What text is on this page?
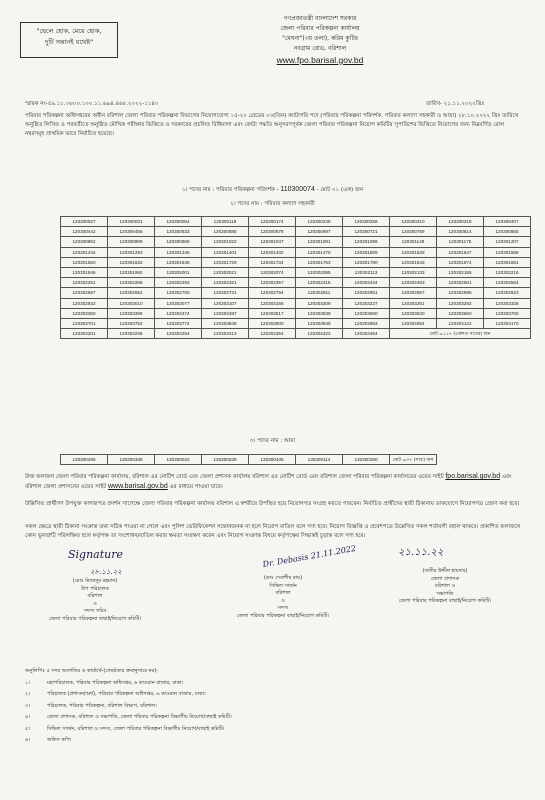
"ছেলে হোক, মেয়ে হোক,
দুটি সন্তানই যথেষ্ট"
গণপ্রজাতন্ত্রী বাংলাদেশ সরকার
জেলা পরিবার পরিকল্পনা কার্যালয়
"মেঘনা"(৩য় তলা), করিম কুটির
নবগ্রাম রোড, বরিশাল
www.fpo.barisal.gov.bd
স্মারক নং-৫৯.১১.০৬০০.১০০.১১.৬৯৪.৪৬৮.২০২২-১১৪০	তারিখ- ২১.১১.২০২২খ্রিঃ
পরিবার পরিকল্পনা অধিদপ্তরের অধীন বরিশাল জেলা পরিবার পরিকল্পনা বিভাগের নিয়োগযোগ্য ১৫-২০ গ্রেডের ০৩(তিন) ক্যাটাগরি পদে (পরিবার পরিকল্পনা পরিদর্শক, পরিবার কল্যাণ সহকারী ও আয়া) ২৮.১০.২০২২ খ্রিঃ তারিখে অনুষ্ঠিত লিখিত ও পরবর্তীতে অনুষ্ঠিত মৌখিক পরীক্ষার ভিত্তিতে ও সরকারের প্রচলিত বিধিমালা এবং কোটা পদ্ধতি অনুসরণপূর্বক জেলা পরিবার পরিকল্পনা নিয়োগ কমিটির সুপারিশের ভিত্তিতে নিয়োগের জন্য নিম্নবর্ণিত রোল নম্বরসমূহ প্রাথমিক ভাবে নির্বাচিত হয়েছে।
১। পদের নাম : পরিবার পরিকল্পনা পরিদর্শক - 110300074 - মোট ০১ (এক) জন
২। পদের নাম : পরিবার কল্যাণ সহকারী
120300027	120300031	120300054	120300118	120300174	120300238	120300259	120300310	120300318	120300407
120300442	120300456	120300533	120300585	120300678	120300697	120300721	120300759	120300814	120300855
120300862	120300909	120300969	120301022	120301047	120301091	120301099	120301148	120301176	120301207
120301244	120301293	120301346	120301401	120301432	120301470	120301509	120301528	120301547	120301569
120301550	120301632	120301646	120301729	120301734	120301763	120301780	120301843	120301874	120301891
120301946	120301992	120302001	120302021	120302074	120302085	120302113	120302133	120302155	120302216
120302251	120302268	120302293	120302321	120302357	120302416	120302444	120302453	120302501	120302564
120302587	120302652	120302700	120302731	120302794	120302811	120302851	120302867	120302895	120302923
120302932	120303010	120303077	120303107	120303166	120303209	120303227	120303261	120303282	120303328
120303360	120303396	120303474	120303487	120303517	120303539	120303560	120303630	120303660	120303700
120303701	120303752	120303774	120303848	120303900	120303949	120303983	120304084	120304122	120304170
120304201	120304236	120304254	120304313	120304354	120304422	120304464	মোট =১১৭ (একশত সতের) জন		
৩। পদের নাম : আয়া
130300298	130300338	130300032	130300039	130300435	130300114	130300280	মোট =০৭ (সাত) জন
উক্ত ফলাফল জেলা পরিবার পরিকল্পনা কার্যালয়, বরিশাল এর নোটিশ বোর্ড এবং জেলা প্রশাসক কার্যালয় বরিশাল এর নোটিশ বোর্ড এবং বরিশাল জেলা পরিবার পরিকল্পনা কার্যালয়ের ওয়েব সাইট fpo.barisal.gov.bd এবং বরিশাল জেলা প্রশাসনের ওয়েব সাইট www.barisal.gov.bd এর মাধ্যমে পাওয়া যাবে।
উল্লিখিত প্রার্থীগণ উপযুক্ত কাগজপত্র প্রদর্শন সাপেক্ষে জেলা পরিবার পরিকল্পনা কার্যালয় বরিশাল এ স্বশরীরে উপস্থিত হয়ে নিয়োগপত্র সংগ্রহ করতে পারবেন। নির্বাচিত প্রার্থীদের স্থায়ী ঠিকানায় ডাকযোগে নিয়োগপত্র প্রেরণ করা হবে।
সকল ক্ষেত্রে স্থায়ী ঠিকানা সংক্রান্ত তথ্য সঠিক পাওয়া না গেলে এবং পুলিশ ভেরিফিকেশন সন্তোষজনক না হলে নিয়োগ বাতিল বলে গণ্য হবে। নিয়োগ বিজ্ঞপ্তি ও প্রবেশপত্রে উল্লেখিত সকল শর্তাবলী বহাল থাকবে। প্রকাশিত ফলাফলে কোন ভুলত্রুটি পরিলক্ষিত হলে কর্তৃপক্ষ তা সংশোধন/বাতিল করার ক্ষমতা সংরক্ষণ করেন এবং নিয়োগ সংক্রান্ত বিষয়ে কর্তৃপক্ষের সিদ্ধান্তই চূড়ান্ত বলে গণ্য হবে।
Signature
২৮.১১.২২
(মোঃ মিজানুর রহমান)
উপ পরিচালক
বরিশাল
ও
সদস্য সচিব
জেলা পরিবার পরিকল্পনা বাছাই/নিয়োগ কমিটি।
Dr. Debasis 21.11.2022
(ডাঃ দেবাশীষ রায়)
সিভিল সার্জন
বরিশাল
ও
সদস্য
জেলা পরিবার পরিকল্পনা বাছাই/নিয়োগ কমিটি।
২১.১১.২২
(জসীম উদ্দীন হায়দার)
জেলা প্রশাসক
বরিশাল ও
সভাপতি
জেলা পরিবার পরিকল্পনা বাছাই/নিয়োগ কমিটি।
অনুলিপিঃ ৫ সদয় অবগতির ও কার্যার্থে-(জ্যেষ্ঠতার ক্রমানুসারে নয়)-
১।	মহাপরিচালক, পরিবার পরিকল্পনা অধিদপ্তর, ৬ কাওরান বাজার, ঢাকা।
২।	পরিচালক (প্রশাসন/অর্থ), পরিবার পরিকল্পনা অধিদপ্তর, ৬ কাওরান বাজার, ঢাকা।
৩।	পরিচালক, পরিবার পরিকল্পনা, বরিশাল বিভাগ, বরিশাল।
৪।	জেলা প্রশাসক, বরিশাল ও সভাপতি, জেলা পরিবার পরিকল্পনা বিভাগীয় নিয়োগ/বাছাই কমিটি।
৫।	সিভিল সার্জন, বরিশাল ও সদস্য, জেলা পরিবার পরিকল্পনা বিভাগীয় নিয়োগ/বাছাই কমিটি।
৬।	অফিস কপি।
